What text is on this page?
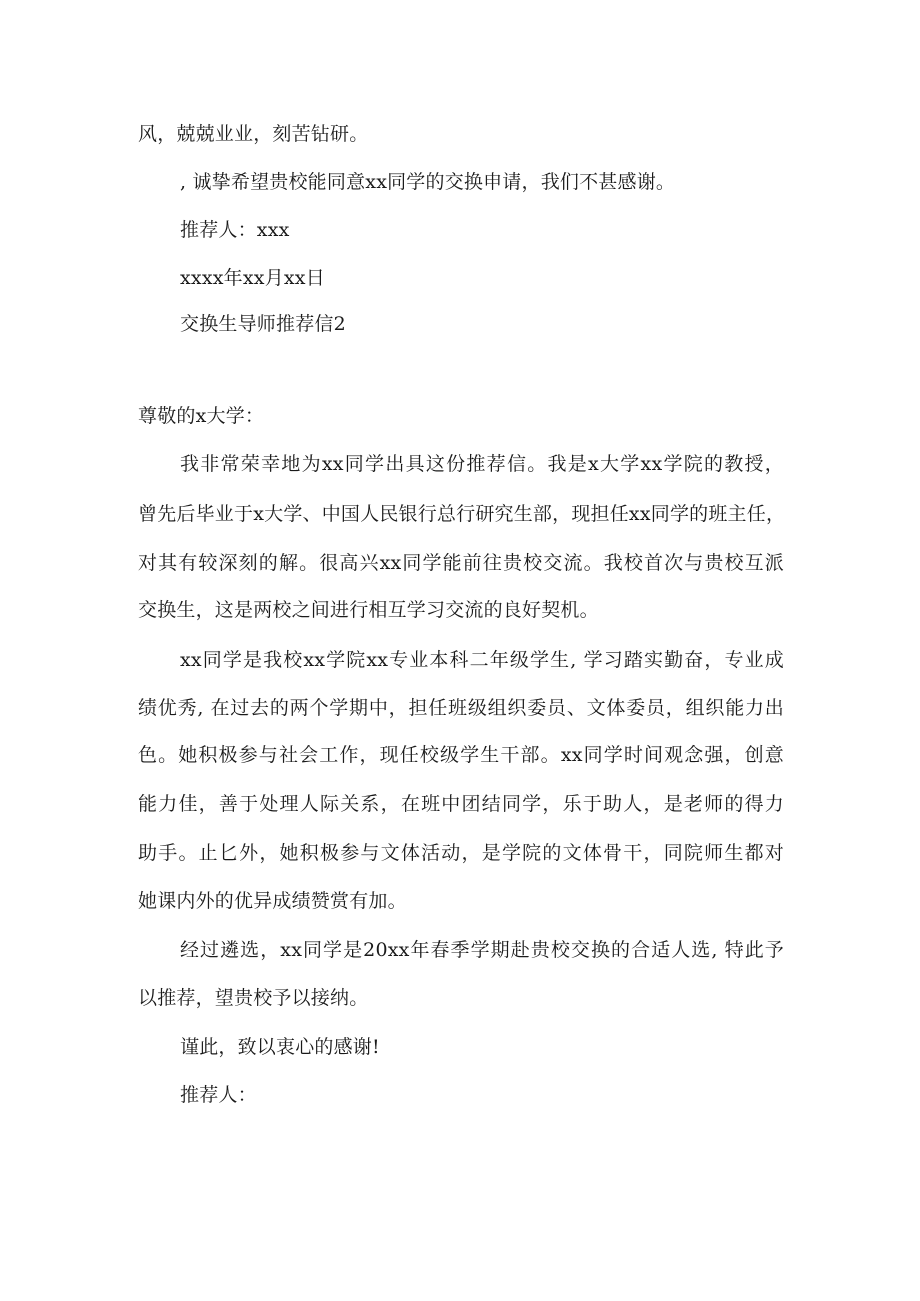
风，兢兢业业，刻苦钻研。
, 诚挚希望贵校能同意xx同学的交换申请，我们不甚感谢。
推荐人：xxx
xxxx年xx月xx日
交换生导师推荐信2
尊敬的x大学：
我非常荣幸地为xx同学出具这份推荐信。我是x大学xx学院的教授，
曾先后毕业于x大学、中国人民银行总行研究生部，现担任xx同学的班主任，
对其有较深刻的解。很高兴xx同学能前往贵校交流。我校首次与贵校互派
交换生，这是两校之间进行相互学习交流的良好契机。
xx同学是我校xx学院xx专业本科二年级学生, 学习踏实勤奋，专业成
绩优秀, 在过去的两个学期中，担任班级组织委员、文体委员，组织能力出
色。她积极参与社会工作，现任校级学生干部。xx同学时间观念强，创意
能力佳，善于处理人际关系，在班中团结同学，乐于助人，是老师的得力
助手。止匕外，她积极参与文体活动，是学院的文体骨干，同院师生都对
她课内外的优异成绩赞赏有加。
经过遴选，xx同学是20xx年春季学期赴贵校交换的合适人选, 特此予
以推荐，望贵校予以接纳。
谨此，致以衷心的感谢!
推荐人：
